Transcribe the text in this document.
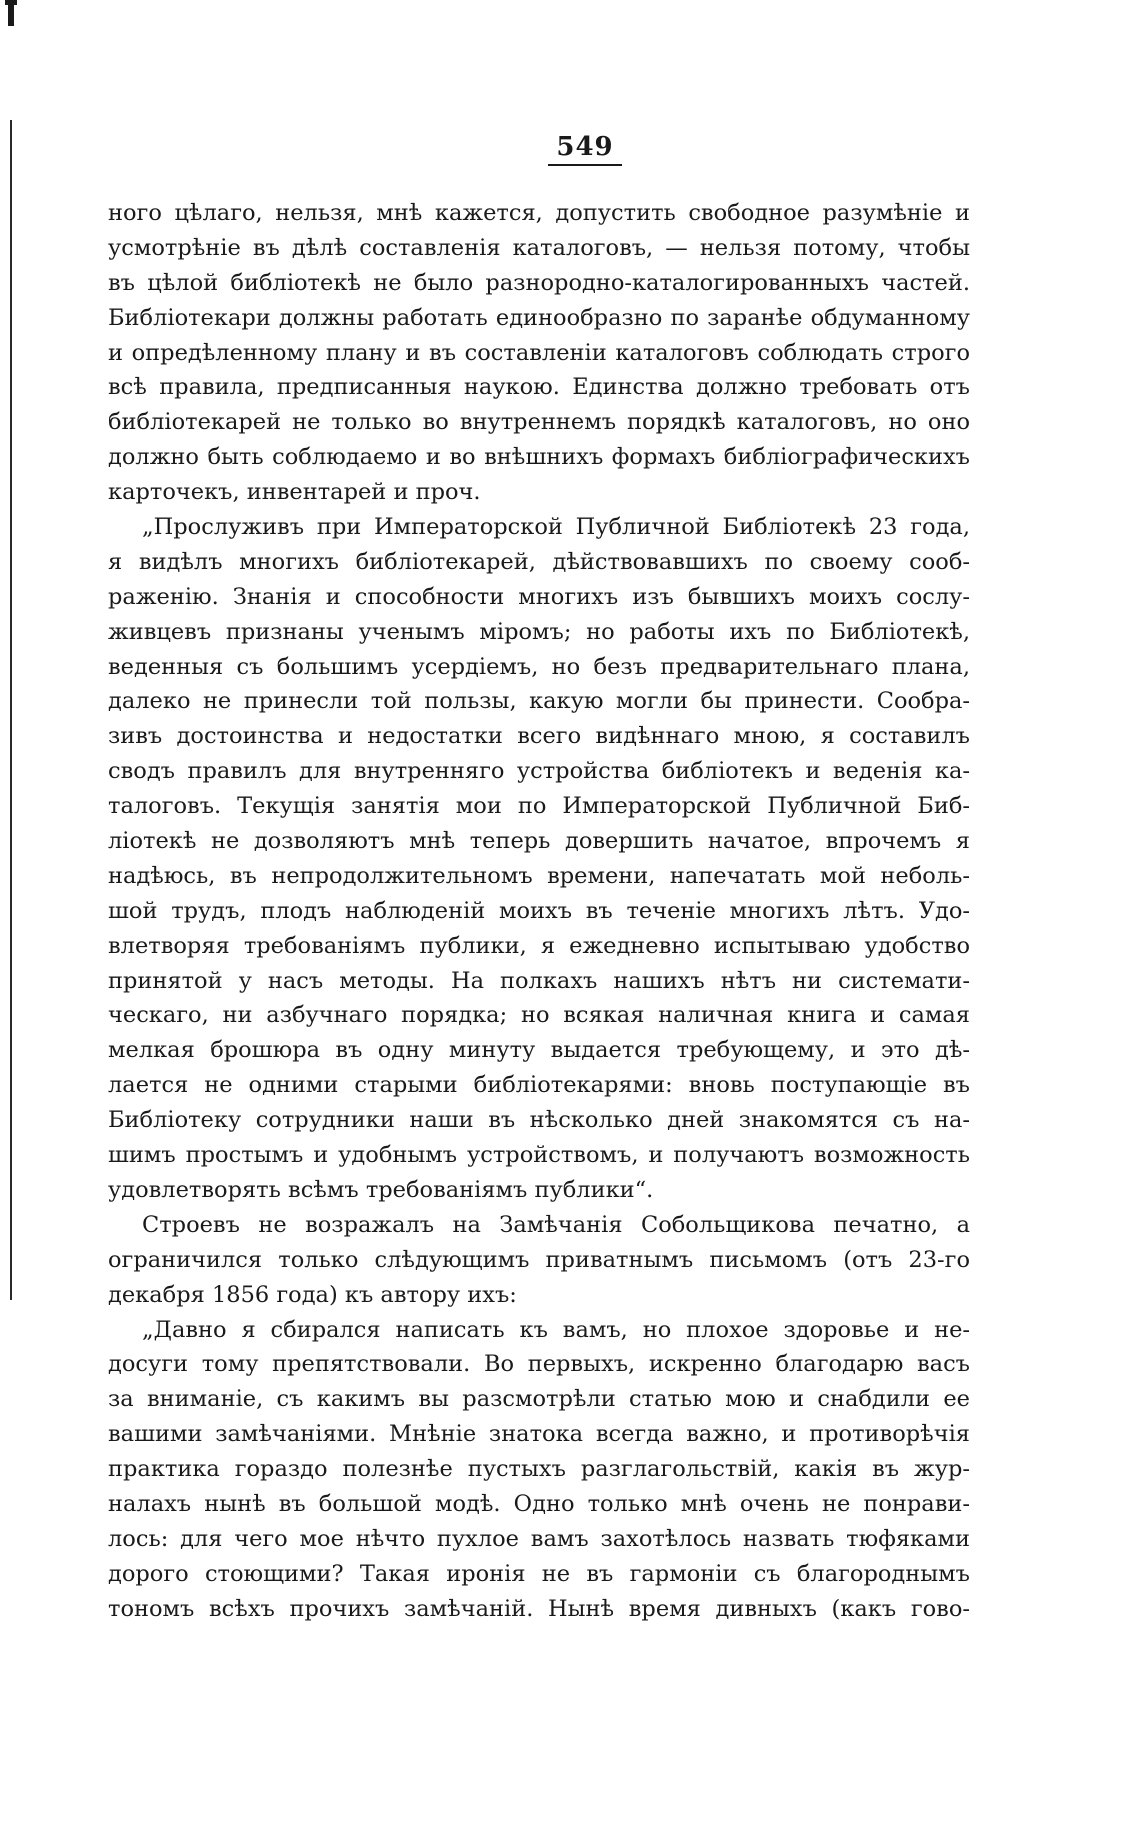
549
ного цѣлаго, нельзя, мнѣ кажется, допустить свободное разумѣніе и
усмотрѣніе въ дѣлѣ составленія каталоговъ, — нельзя потому, чтобы
въ цѣлой библіотекѣ не было разнородно-каталогированныхъ частей.
Библіотекари должны работать единообразно по заранѣе обдуманному
и опредѣленному плану и въ составленіи каталоговъ соблюдать строго
всѣ правила, предписанныя наукою. Единства должно требовать отъ
библіотекарей не только во внутреннемъ порядкѣ каталоговъ, но оно
должно быть соблюдаемо и во внѣшнихъ формахъ библіографическихъ
карточекъ, инвентарей и проч.
„Прослуживъ при Императорской Публичной Библіотекѣ 23 года,
я видѣлъ многихъ библіотекарей, дѣйствовавшихъ по своему сооб-
раженію. Знанія и способности многихъ изъ бывшихъ моихъ сослу-
живцевъ признаны ученымъ міромъ; но работы ихъ по Библіотекѣ,
веденныя съ большимъ усердіемъ, но безъ предварительнаго плана,
далеко не принесли той пользы, какую могли бы принести. Сообра-
зивъ достоинства и недостатки всего видѣннаго мною, я составилъ
сводъ правилъ для внутренняго устройства библіотекъ и веденія ка-
талоговъ. Текущія занятія мои по Императорской Публичной Биб-
ліотекѣ не дозволяютъ мнѣ теперь довершить начатое, впрочемъ я
надѣюсь, въ непродолжительномъ времени, напечатать мой неболь-
шой трудъ, плодъ наблюденій моихъ въ теченіе многихъ лѣтъ. Удо-
влетворяя требованіямъ публики, я ежедневно испытываю удобство
принятой у насъ методы. На полкахъ нашихъ нѣтъ ни системати-
ческаго, ни азбучнаго порядка; но всякая наличная книга и самая
мелкая брошюра въ одну минуту выдается требующему, и это дѣ-
лается не одними старыми библіотекарями: вновь поступающіе въ
Библіотеку сотрудники наши въ нѣсколько дней знакомятся съ на-
шимъ простымъ и удобнымъ устройствомъ, и получаютъ возможность
удовлетворять всѣмъ требованіямъ публики“.
Строевъ не возражалъ на Замѣчанія Собольщикова печатно, а
ограничился только слѣдующимъ приватнымъ письмомъ (отъ 23-го
декабря 1856 года) къ автору ихъ:
„Давно я сбирался написать къ вамъ, но плохое здоровье и не-
досуги тому препятствовали. Во первыхъ, искренно благодарю васъ
за вниманіе, съ какимъ вы разсмотрѣли статью мою и снабдили ее
вашими замѣчаніями. Мнѣніе знатока всегда важно, и противорѣчія
практика гораздо полезнѣе пустыхъ разглагольствій, какія въ жур-
налахъ нынѣ въ большой модѣ. Одно только мнѣ очень не понрави-
лось: для чего мое нѣчто пухлое вамъ захотѣлось назвать тюфяками
дорого стоющими? Такая иронія не въ гармоніи съ благороднымъ
тономъ всѣхъ прочихъ замѣчаній. Нынѣ время дивныхъ (какъ гово-
